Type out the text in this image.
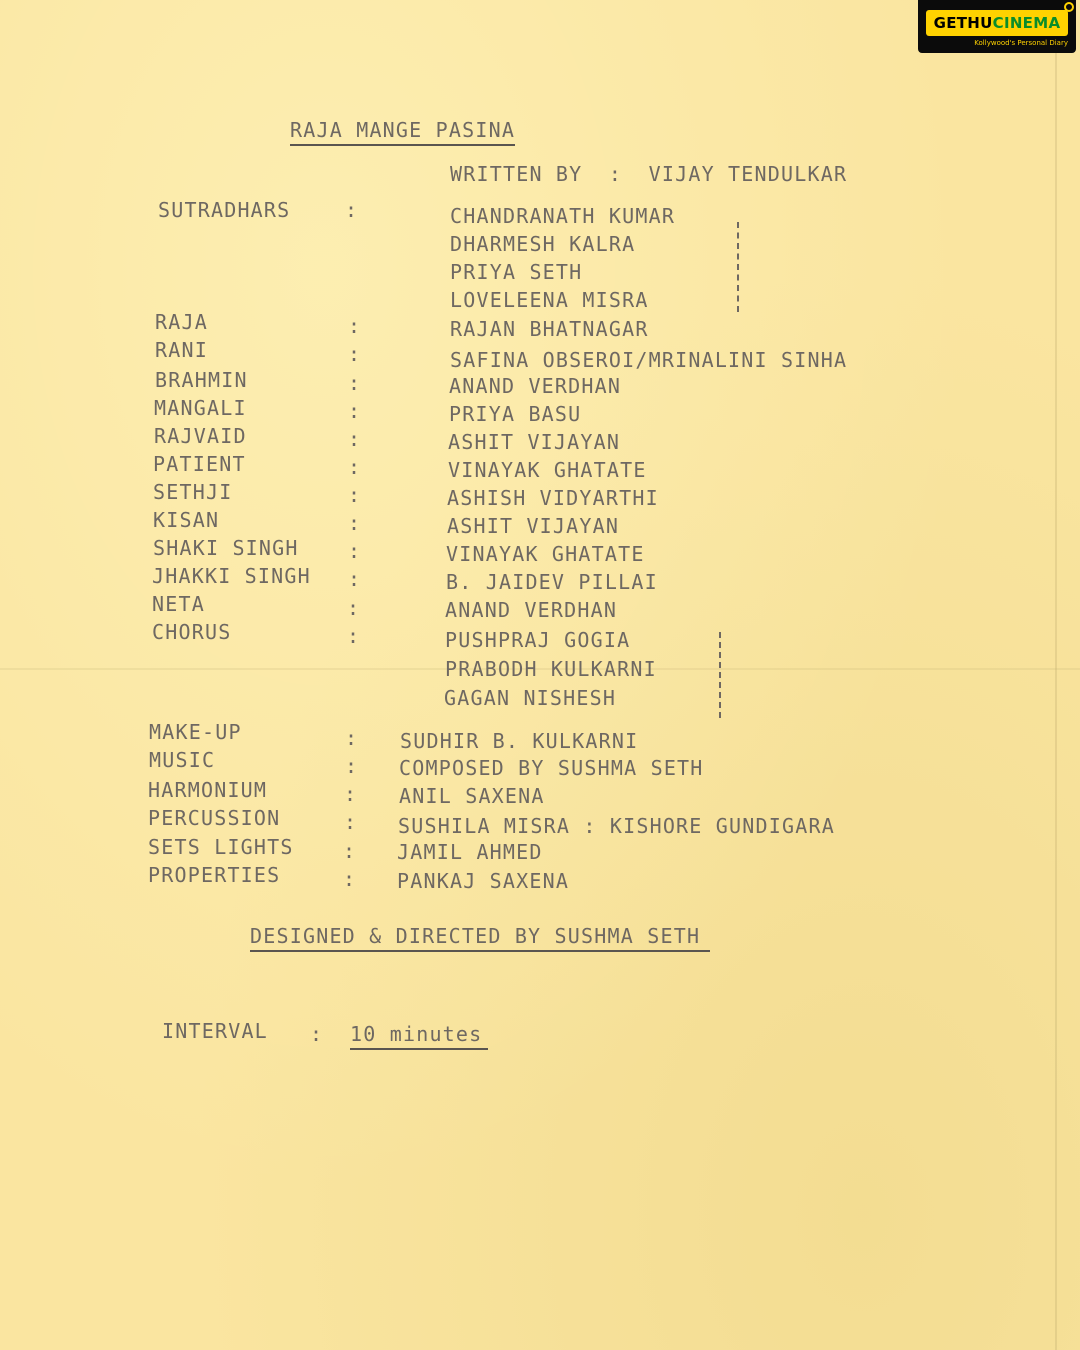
GETHUCINEMA
Kollywood's Personal Diary
RAJA MANGE PASINA
WRITTEN BY  :  VIJAY TENDULKAR
SUTRADHARS	:	CHANDRANATH KUMAR
DHARMESH KALRA
PRIYA SETH
LOVELEENA MISRA
RAJA	:	RAJAN BHATNAGAR
RANI	:	SAFINA OBSEROI/MRINALINI SINHA
BRAHMIN	:	ANAND VERDHAN
MANGALI	:	PRIYA BASU
RAJVAID	:	ASHIT VIJAYAN
PATIENT	:	VINAYAK GHATATE
SETHJI	:	ASHISH VIDYARTHI
KISAN	:	ASHIT VIJAYAN
SHAKI SINGH :	VINAYAK GHATATE
JHAKKI SINGH :	B. JAIDEV PILLAI
NETA	:	ANAND VERDHAN
CHORUS	:	PUSHPRAJ GOGIA
PRABODH KULKARNI
GAGAN NISHESH
MAKE-UP	: SUDHIR B. KULKARNI
MUSIC	: COMPOSED BY SUSHMA SETH
HARMONIUM	: ANIL SAXENA
PERCUSSION	: SUSHILA MISRA : KISHORE GUNDIGARA
SETS LIGHTS : JAMIL AHMED
PROPERTIES	: PANKAJ SAXENA
DESIGNED & DIRECTED BY SUSHMA SETH
INTERVAL : 10 minutes
